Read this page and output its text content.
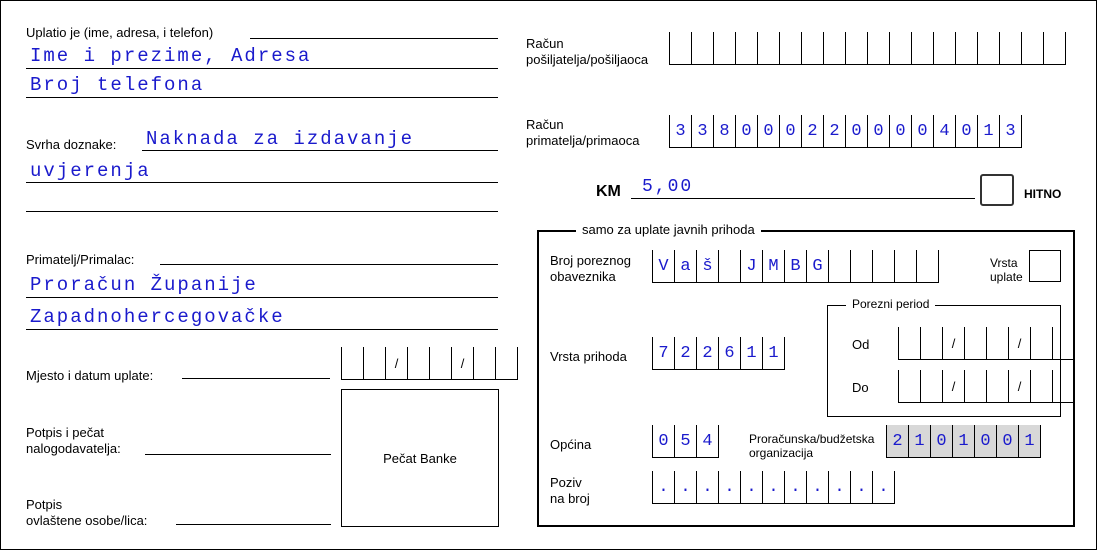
Uplatio je (ime, adresa, i telefon)
Ime i prezime, Adresa
Broj telefona
Svrha doznake: Naknada za izdavanje
uvjerenja
Primatelj/Primalac:
Proračun Županije
Zapadnohercegovačke
Mjesto i datum uplate:
/	/
Potpis i pečat
nalogodavatelja:
Potpis
ovlaštene osobe/lica:
Pečat Banke
Račun
pošiljatelja/pošiljaoca
Račun
primatelja/primaoca	3 3 8 0 0 0 2 2 0 0 0 0 4 0 1 3
KM 5,00	HITNO
samo za uplate javnih prihoda
Broj poreznog
obaveznika
V a š	J M B G	Vrsta
uplate
Porezni period
Od	/	/
Do	/	/
Vrsta prihoda	7 2 2 6 1 1
Općina	0 5 4	Proračunska/budžetska
organizacija
2 1 0 1 0 0 1
Poziv
na broj
. . . . . . . . . . .
